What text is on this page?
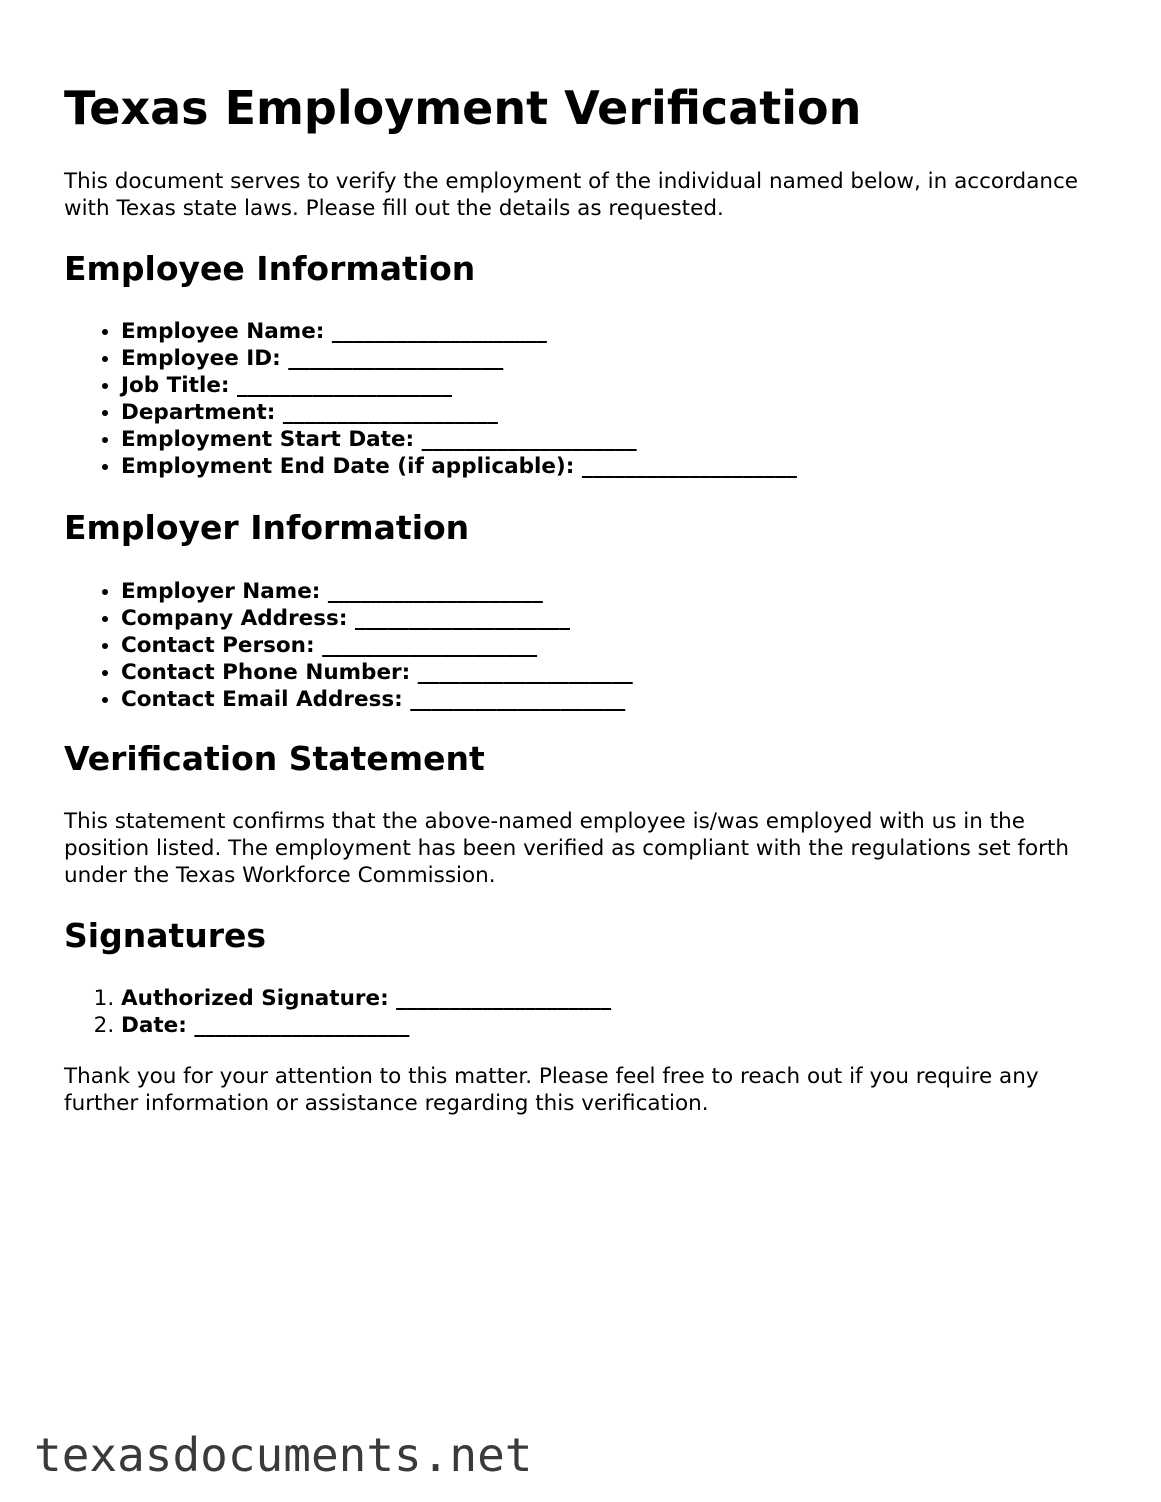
Texas Employment Verification

This document serves to verify the employment of the individual named below, in accordance with Texas state laws. Please fill out the details as requested.

Employee Information
• Employee Name: ____________________
• Employee ID: ____________________
• Job Title: ____________________
• Department: ____________________
• Employment Start Date: ____________________
• Employment End Date (if applicable): ____________________
Employer Information
• Employer Name: ____________________
• Company Address: ____________________
• Contact Person: ____________________
• Contact Phone Number: ____________________
• Contact Email Address: ____________________
Verification Statement

This statement confirms that the above-named employee is/was employed with us in the position listed. The employment has been verified as compliant with the regulations set forth under the Texas Workforce Commission.

Signatures
1. Authorized Signature: ____________________
2. Date: ____________________

Thank you for your attention to this matter. Please feel free to reach out if you require any further information or assistance regarding this verification.

texasdocuments.net
